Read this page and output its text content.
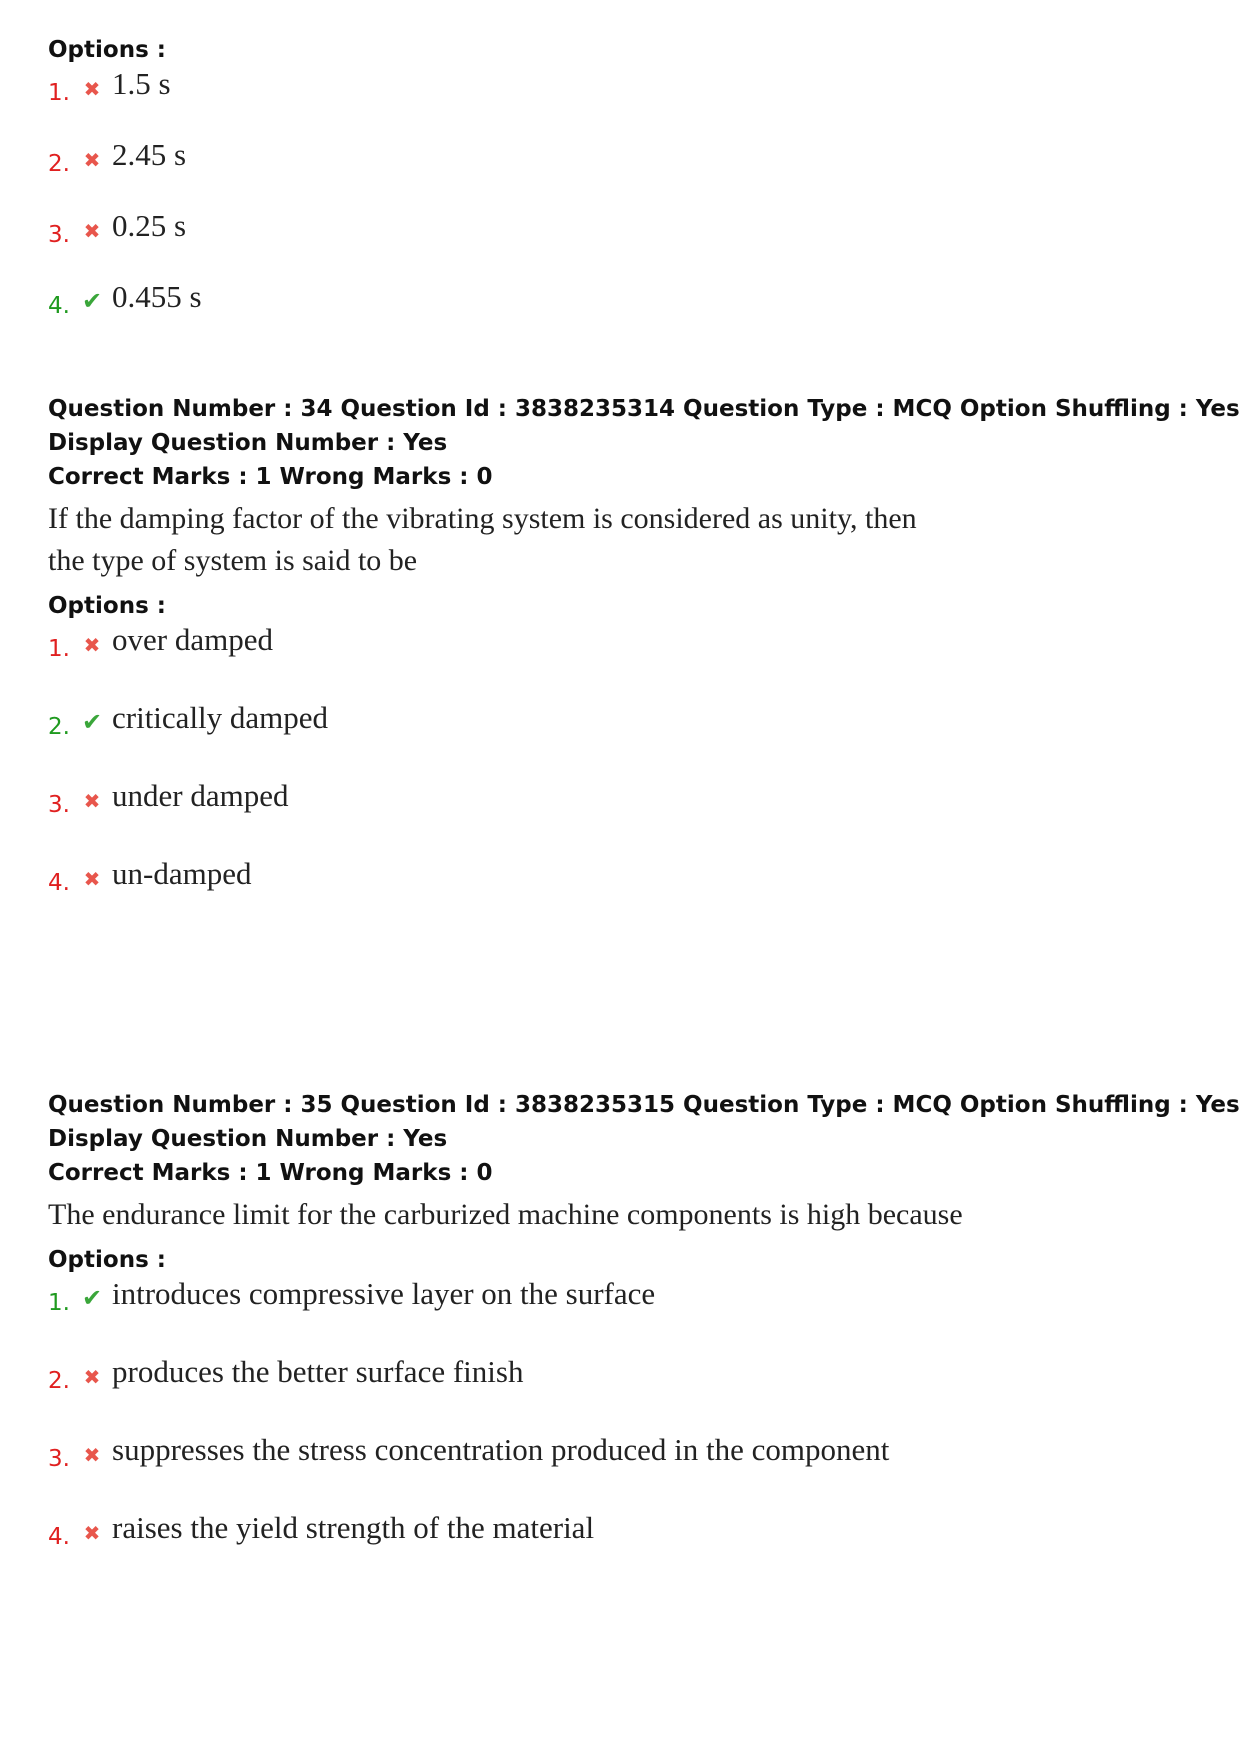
Options :

1. ✖ 1.5 s
2. ✖ 2.45 s
3. ✖ 0.25 s
4. ✔ 0.455 s

Question Number : 34 Question Id : 3838235314 Question Type : MCQ Option Shuffling : Yes

Display Question Number : Yes

Correct Marks : 1 Wrong Marks : 0

If the damping factor of the vibrating system is considered as unity, then the type of system is said to be

Options :

1. ✖ over damped
2. ✔ critically damped
3. ✖ under damped
4. ✖ un-damped

Question Number : 35 Question Id : 3838235315 Question Type : MCQ Option Shuffling : Yes

Display Question Number : Yes

Correct Marks : 1 Wrong Marks : 0

The endurance limit for the carburized machine components is high because

Options :

1. ✔ introduces compressive layer on the surface
2. ✖ produces the better surface finish
3. ✖ suppresses the stress concentration produced in the component
4. ✖ raises the yield strength of the material
